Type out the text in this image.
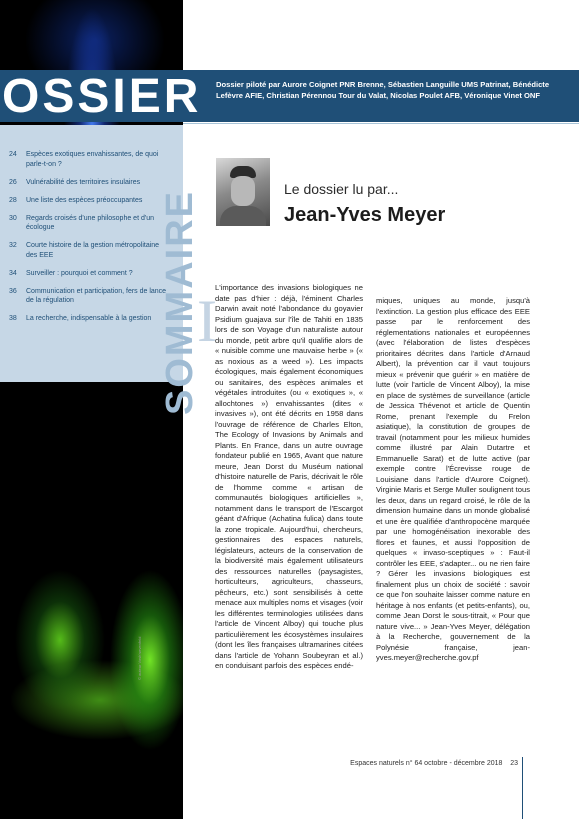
OSSIER Dossier piloté par Aurore Coignet PNR Brenne, Sébastien Languille UMS Patrinat, Bénédicte Lefèvre AFIE, Christian Pérennou Tour du Valat, Nicolas Poulet AFB, Véronique Vinet ONF
SOMMAIRE
24 Espèces exotiques envahissantes, de quoi parle-t-on ?
26 Vulnérabilité des territoires insulaires
28 Une liste des espèces préoccupantes
30 Regards croisés d'une philosophe et d'un écologue
32 Courte histoire de la gestion métropolitaine des EEE
34 Surveiller : pourquoi et comment ?
36 Communication et participation, fers de lance de la régulation
38 La recherche, indispensable à la gestion

Le dossier lu par...

Jean-Yves Meyer
I

L'importance des invasions biologiques ne date pas d'hier : déjà, l'éminent Charles Darwin avait noté l'abondance du goyavier Psidium guajava sur l'île de Tahiti en 1835 lors de son Voyage d'un naturaliste autour du monde, petit arbre qu'il qualifie alors de « nuisible comme une mauvaise herbe » (« as noxious as a weed »). Les impacts écologiques, mais également économiques ou sanitaires, des espèces animales et végétales introduites (ou « exotiques », « allochtones ») envahissantes (dites « invasives »), ont été décrits en 1958 dans l'ouvrage de référence de Charles Elton, The Ecology of Invasions by Animals and Plants. En France, dans un autre ouvrage fondateur publié en 1965, Avant que nature meure, Jean Dorst du Muséum national d'histoire naturelle de Paris, décrivait le rôle de l'homme comme « artisan de communautés biologiques artificielles », notamment dans le transport de l'Escargot géant d'Afrique (Achatina fulica) dans toute la zone tropicale. Aujourd'hui, chercheurs, gestionnaires des espaces naturels, législateurs, acteurs de la conservation de la biodiversité mais également utilisateurs des ressources naturelles (paysagistes, horticulteurs, agriculteurs, chasseurs, pêcheurs, etc.) sont sensibilisés à cette menace aux multiples noms et visages (voir les différentes terminologies utilisées dans l'article de Vincent Alboy) qui touche plus particulièrement les écosystèmes insulaires (dont les îles françaises ultramarines citées dans l'article de Yohann Soubeyran et al.) en conduisant parfois des espèces endé-

miques, uniques au monde, jusqu'à l'extinction. La gestion plus efficace des EEE passe par le renforcement des réglementations nationales et européennes (avec l'élaboration de listes d'espèces prioritaires décrites dans l'article d'Arnaud Albert), la prévention car il vaut toujours mieux « prévenir que guérir » en matière de lutte (voir l'article de Vincent Alboy), la mise en place de systèmes de surveillance (article de Jessica Thévenot et article de Quentin Rome, prenant l'exemple du Frelon asiatique), la constitution de groupes de travail (notamment pour les milieux humides comme illustré par Alain Dutartre et Emmanuelle Sarat) et de lutte active (par exemple contre l'Écrevisse rouge de Louisiane dans l'article d'Aurore Coignet). Virginie Maris et Serge Muller soulignent tous les deux, dans un regard croisé, le rôle de la dimension humaine dans un monde globalisé et une ère qualifiée d'anthropocène marquée par une homogénéisation inexorable des flores et faunes, et aussi l'opposition de quelques « invaso-sceptiques » : Faut-il contrôler les EEE, s'adapter... ou ne rien faire ? Gérer les invasions biologiques est finalement plus un choix de société : savoir ce que l'on souhaite laisser comme nature en héritage à nos enfants (et petits-enfants), ou, comme Jean Dorst le sous-titrait, « Pour que nature vive... » Jean-Yves Meyer, délégation à la Recherche, gouvernement de la Polynésie française, jean-yves.meyer@recherche.gov.pf

© auteur Vosh'sevenfeld

Espaces naturels n° 64 octobre - décembre 2018 23
